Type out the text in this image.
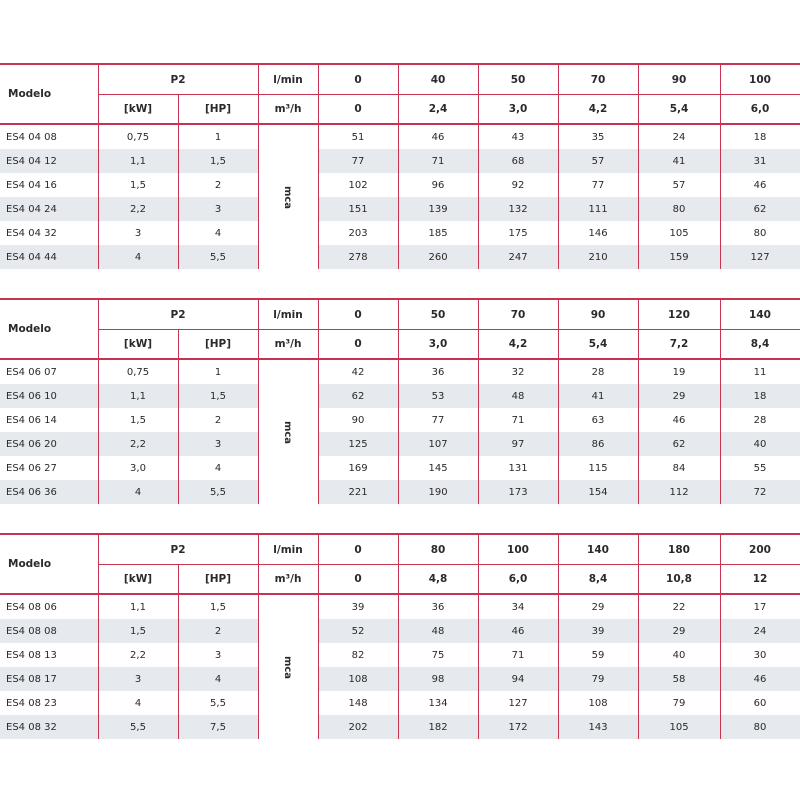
Modelo	P2		l/min	0	40	50	70	90	100
	[kW]	[HP]	m³/h	0	2,4	3,0	4,2	5,4	6,0
ES4 04 08	0,75	1	mca	51	46	43	35	24	18
ES4 04 12	1,1	1,5		77	71	68	57	41	31
ES4 04 16	1,5	2		102	96	92	77	57	46
ES4 04 24	2,2	3		151	139	132	111	80	62
ES4 04 32	3	4		203	185	175	146	105	80
ES4 04 44	4	5,5		278	260	247	210	159	127
Modelo	P2		l/min	0	50	70	90	120	140
	[kW]	[HP]	m³/h	0	3,0	4,2	5,4	7,2	8,4
ES4 06 07	0,75	1	mca	42	36	32	28	19	11
ES4 06 10	1,1	1,5		62	53	48	41	29	18
ES4 06 14	1,5	2		90	77	71	63	46	28
ES4 06 20	2,2	3		125	107	97	86	62	40
ES4 06 27	3,0	4		169	145	131	115	84	55
ES4 06 36	4	5,5		221	190	173	154	112	72
Modelo	P2		l/min	0	80	100	140	180	200
	[kW]	[HP]	m³/h	0	4,8	6,0	8,4	10,8	12
ES4 08 06	1,1	1,5	mca	39	36	34	29	22	17
ES4 08 08	1,5	2		52	48	46	39	29	24
ES4 08 13	2,2	3		82	75	71	59	40	30
ES4 08 17	3	4		108	98	94	79	58	46
ES4 08 23	4	5,5		148	134	127	108	79	60
ES4 08 32	5,5	7,5		202	182	172	143	105	80
